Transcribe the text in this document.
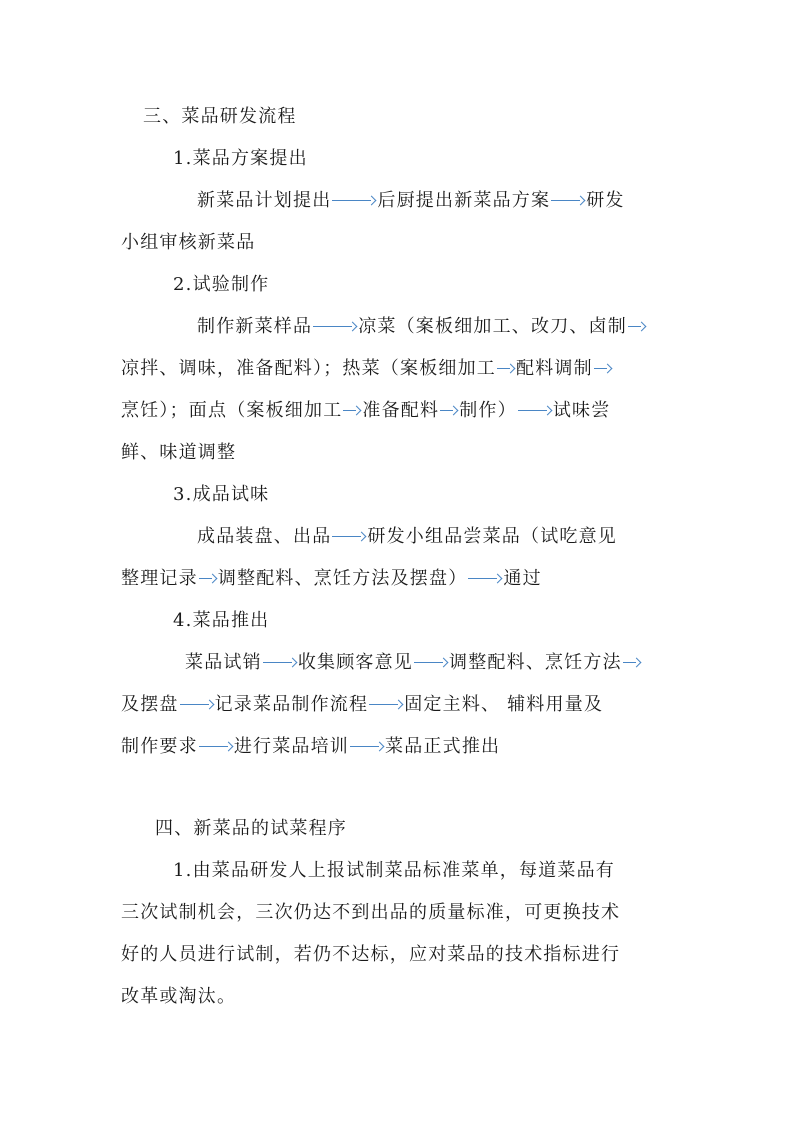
三、菜品研发流程
1.菜品方案提出
新菜品计划提出	后厨提出新菜品方案 研发
小组审核新菜品
2.试验制作
制作新菜样品	凉菜（案板细加工、改刀、卤制
凉拌、调味，准备配料）；热菜（案板细加工 配料调制
烹饪）；面点（案板细加工 准备配料 制作） 试味尝
鲜、味道调整
3.成品试味
成品装盘、出品 研发小组品尝菜品（试吃意见
整理记录 调整配料、烹饪方法及摆盘） 通过
4.菜品推出
菜品试销 收集顾客意见 调整配料、烹饪方法
及摆盘 记录菜品制作流程 固定主料、 辅料用量及
制作要求 进行菜品培训 菜品正式推出
四、新菜品的试菜程序
1.由菜品研发人上报试制菜品标准菜单，每道菜品有
三次试制机会，三次仍达不到出品的质量标准，可更换技术
好的人员进行试制，若仍不达标，应对菜品的技术指标进行
改革或淘汰。
